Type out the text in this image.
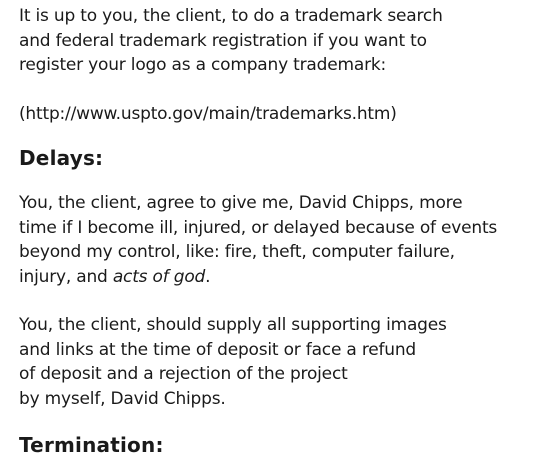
It is up to you, the client, to do a trademark search
and federal trademark registration if you want to
register your logo as a company trademark:

(http://www.uspto.gov/main/trademarks.htm)

Delays:

You, the client, agree to give me, David Chipps, more
time if I become ill, injured, or delayed because of events
beyond my control, like: fire, theft, computer failure,
injury, and acts of god.

You, the client, should supply all supporting images
and links at the time of deposit or face a refund
of deposit and a rejection of the project
by myself, David Chipps.

Termination:
